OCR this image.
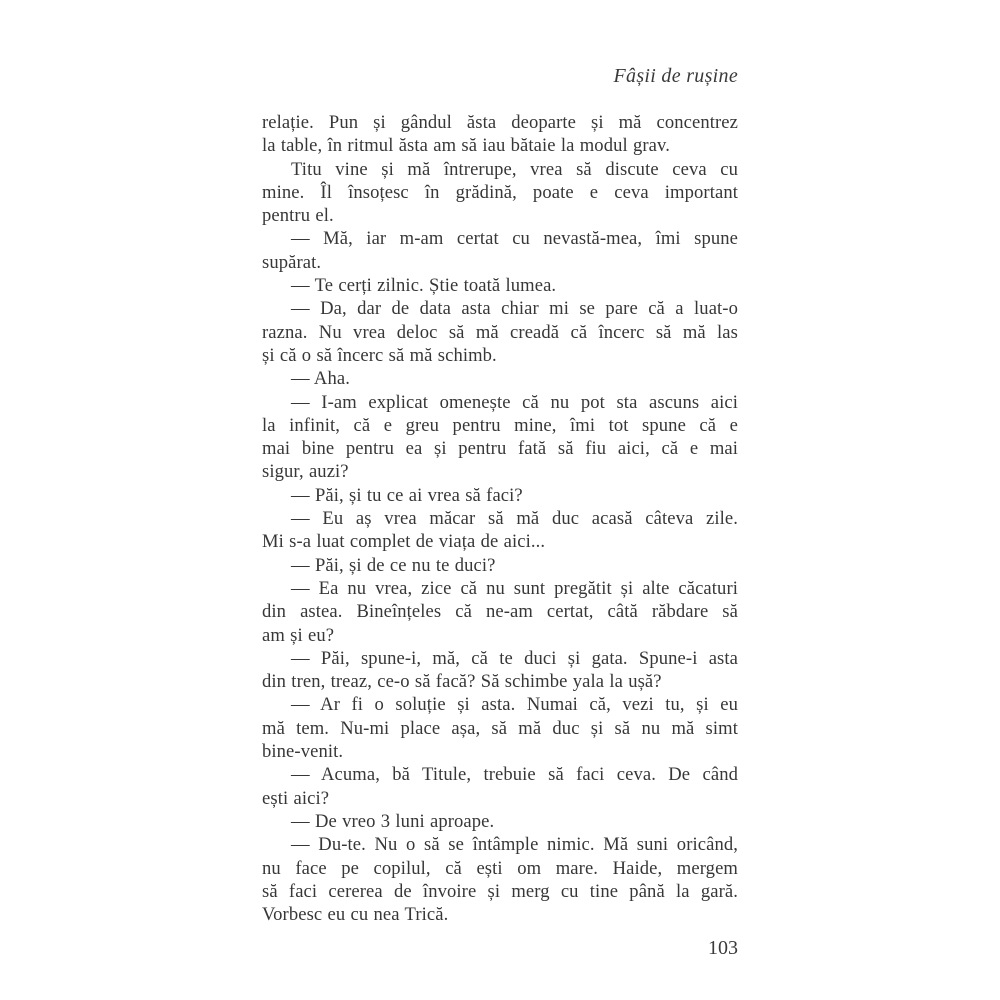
Fâșii de rușine
relație. Pun și gândul ăsta deoparte și mă concentrez
la table, în ritmul ăsta am să iau bătaie la modul grav.
Titu vine și mă întrerupe, vrea să discute ceva cu
mine. Îl însoțesc în grădină, poate e ceva important
pentru el.
— Mă, iar m-am certat cu nevastă-mea, îmi spune
supărat.
— Te cerți zilnic. Știe toată lumea.
— Da, dar de data asta chiar mi se pare că a luat-o
razna. Nu vrea deloc să mă creadă că încerc să mă las
și că o să încerc să mă schimb.
— Aha.
— I-am explicat omenește că nu pot sta ascuns aici
la infinit, că e greu pentru mine, îmi tot spune că e
mai bine pentru ea și pentru fată să fiu aici, că e mai
sigur, auzi?
— Păi, și tu ce ai vrea să faci?
— Eu aș vrea măcar să mă duc acasă câteva zile.
Mi s-a luat complet de viața de aici...
— Păi, și de ce nu te duci?
— Ea nu vrea, zice că nu sunt pregătit și alte căcaturi
din astea. Bineînțeles că ne-am certat, câtă răbdare să
am și eu?
— Păi, spune-i, mă, că te duci și gata. Spune-i asta
din tren, treaz, ce-o să facă? Să schimbe yala la ușă?
— Ar fi o soluție și asta. Numai că, vezi tu, și eu
mă tem. Nu-mi place așa, să mă duc și să nu mă simt
bine-venit.
— Acuma, bă Titule, trebuie să faci ceva. De când
ești aici?
— De vreo 3 luni aproape.
— Du-te. Nu o să se întâmple nimic. Mă suni oricând,
nu face pe copilul, că ești om mare. Haide, mergem
să faci cererea de învoire și merg cu tine până la gară.
Vorbesc eu cu nea Trică.
103
